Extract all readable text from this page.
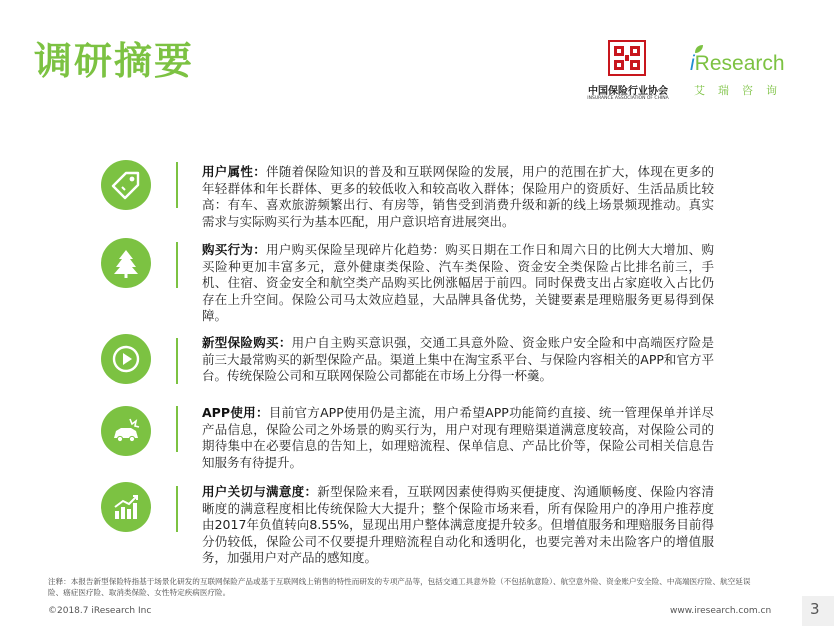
调研摘要
中国保险行业协会
INSURANCE ASSOCIATION OF CHINA
iResearch
艾瑞咨询
用户属性：伴随着保险知识的普及和互联网保险的发展，用户的范围在扩大，体现在更多的年轻群体和年长群体、更多的较低收入和较高收入群体；保险用户的资质好、生活品质比较高：有车、喜欢旅游频繁出行、有房等，销售受到消费升级和新的线上场景频现推动。真实需求与实际购买行为基本匹配，用户意识培育进展突出。
购买行为：用户购买保险呈现碎片化趋势：购买日期在工作日和周六日的比例大大增加、购买险种更加丰富多元，意外健康类保险、汽车类保险、资金安全类保险占比排名前三，手机、住宿、资金安全和航空类产品购买比例涨幅居于前四。同时保费支出占家庭收入占比仍存在上升空间。保险公司马太效应趋显，大品牌具备优势，关键要素是理赔服务更易得到保障。
新型保险购买：用户自主购买意识强，交通工具意外险、资金账户安全险和中高端医疗险是前三大最常购买的新型保险产品。渠道上集中在淘宝系平台、与保险内容相关的APP和官方平台。传统保险公司和互联网保险公司都能在市场上分得一杯羹。
APP使用：目前官方APP使用仍是主流，用户希望APP功能简约直接、统一管理保单并详尽产品信息，保险公司之外场景的购买行为，用户对现有理赔渠道满意度较高，对保险公司的期待集中在必要信息的告知上，如理赔流程、保单信息、产品比价等，保险公司相关信息告知服务有待提升。
用户关切与满意度：新型保险来看，互联网因素使得购买便捷度、沟通顺畅度、保险内容清晰度的满意程度相比传统保险大大提升；整个保险市场来看，所有保险用户的净用户推荐度由2017年负值转向8.55%，显现出用户整体满意度提升较多。但增值服务和理赔服务目前得分仍较低，保险公司不仅要提升理赔流程自动化和透明化，也要完善对未出险客户的增值服务，加强用户对产品的感知度。
注释：本报告新型保险特指基于场景化研发的互联网保险产品或基于互联网线上销售的特性而研发的专项产品等，包括交通工具意外险（不包括航意险）、航空意外险、资金账户安全险、中高端医疗险、航空延误险、癌症医疗险、取消类保险、女性特定疾病医疗险。
©2018.7 iResearch Inc	www.iresearch.com.cn	3
